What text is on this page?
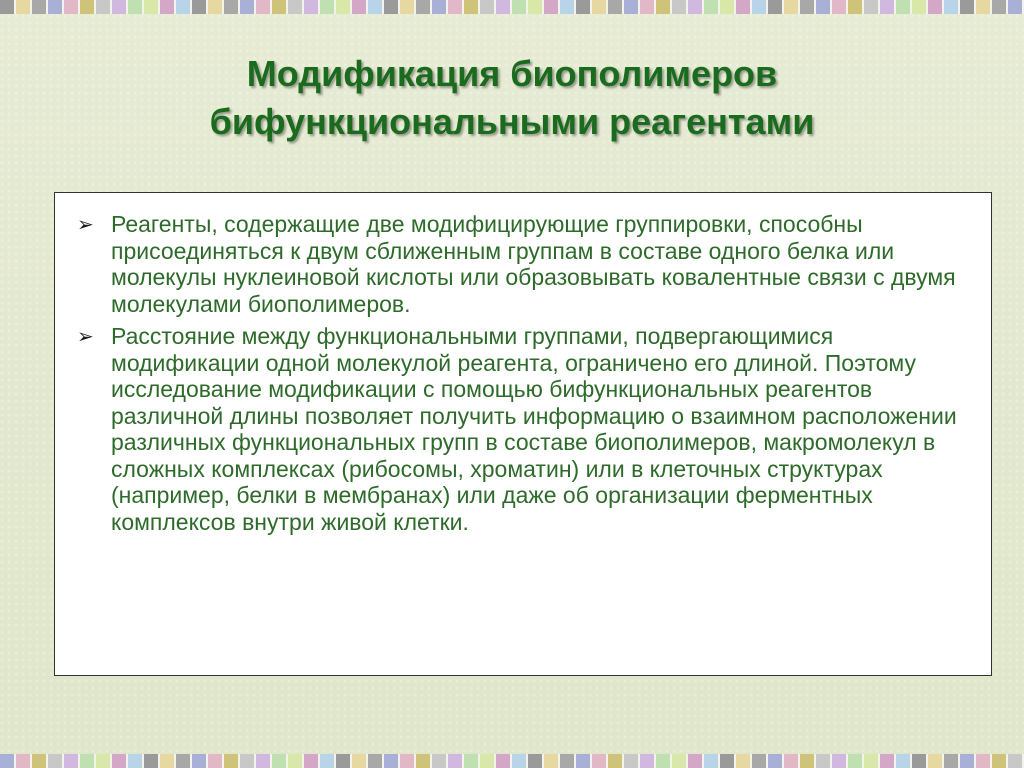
Модификация биополимеров
бифункциональными реагентами
➢ Реагенты, содержащие две модифицирующие группировки, способны присоединяться к двум сближенным группам в составе одного белка или молекулы нуклеиновой кислоты или образовывать ковалентные связи с двумя молекулами биополимеров.
➢ Расстояние между функциональными группами, подвергающимися модификации одной молекулой реагента, ограничено его длиной. Поэтому исследование модификации с помощью бифункциональных реагентов различной длины позволяет получить информацию о взаимном расположении различных функциональных групп в составе биополимеров, макромолекул в сложных комплексах (рибосомы, хроматин) или в клеточных структурах (например, белки в мембранах) или даже об организации ферментных комплексов внутри живой клетки.
